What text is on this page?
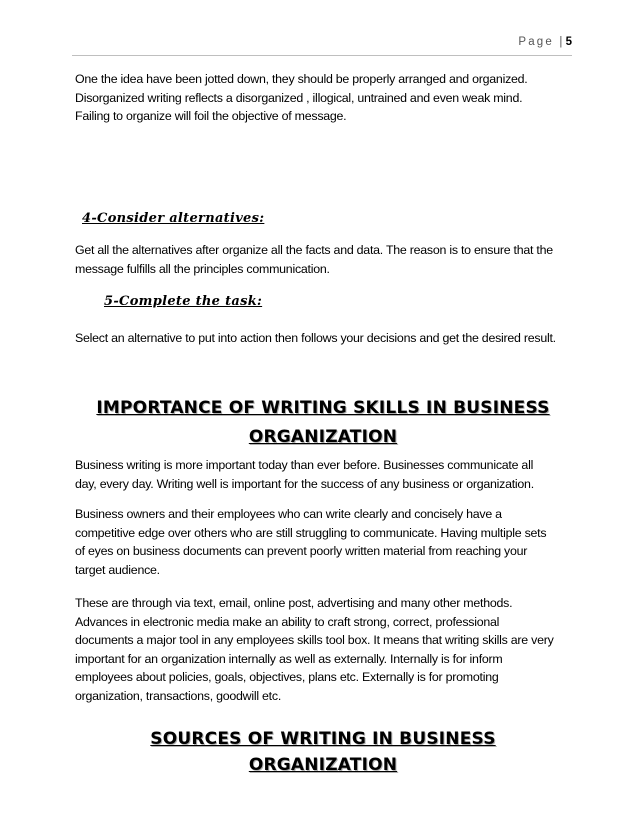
Page |5
One the idea have been jotted down, they should be properly arranged and organized.
Disorganized writing reflects a disorganized , illogical, untrained and even weak mind.
Failing to organize will foil the objective of message.
4-Consider alternatives:
Get all the alternatives after organize all the facts and data. The reason is to ensure that the
message fulfills all the principles communication.
5-Complete the task:
Select an alternative to put into action then follows your decisions and get the desired result.
IMPORTANCE OF WRITING SKILLS IN BUSINESS
ORGANIZATION
Business writing is more important today than ever before. Businesses communicate all
day, every day. Writing well is important for the success of any business or organization.
Business owners and their employees who can write clearly and concisely have a
competitive edge over others who are still struggling to communicate. Having multiple sets
of eyes on business documents can prevent poorly written material from reaching your
target audience.
These are through via text, email, online post, advertising and many other methods.
Advances in electronic media make an ability to craft strong, correct, professional
documents a major tool in any employees skills tool box. It means that writing skills are very
important for an organization internally as well as externally. Internally is for inform
employees about policies, goals, objectives, plans etc. Externally is for promoting
organization, transactions, goodwill etc.
SOURCES OF WRITING IN BUSINESS ORGANIZATION
